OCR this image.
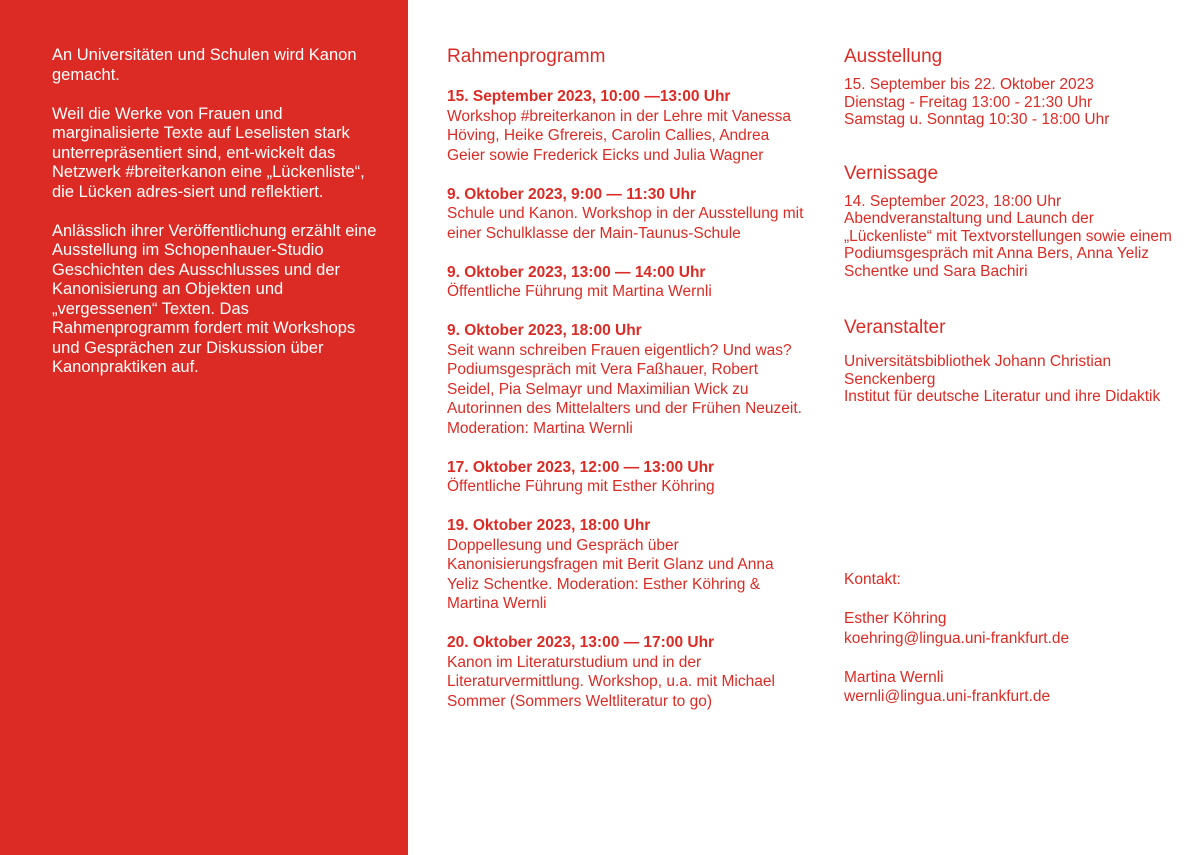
An Universitäten und Schulen wird Kanon gemacht.

Weil die Werke von Frauen und marginalisierte Texte auf Leselisten stark unterrepräsentiert sind, ent-wickelt das Netzwerk #breiterkanon eine „Lückenliste“, die Lücken adres-siert und reflektiert.

Anlässlich ihrer Veröffentlichung erzählt eine Ausstellung im Schopenhauer-Studio Geschichten des Ausschlusses und der Kanonisierung an Objekten und „vergessenen“ Texten. Das Rahmenprogramm fordert mit Workshops und Gesprächen zur Diskussion über Kanonpraktiken auf.

Rahmenprogramm
15. September 2023, 10:00 —13:00 Uhr
Workshop #breiterkanon in der Lehre mit Vanessa Höving, Heike Gfrereis, Carolin Callies, Andrea Geier sowie Frederick Eicks und Julia Wagner
9. Oktober 2023, 9:00 — 11:30 Uhr
Schule und Kanon. Workshop in der Ausstellung mit einer Schulklasse der Main-Taunus-Schule
9. Oktober 2023, 13:00 — 14:00 Uhr
Öffentliche Führung mit Martina Wernli
9. Oktober 2023, 18:00 Uhr
Seit wann schreiben Frauen eigentlich? Und was? Podiumsgespräch mit Vera Faßhauer, Robert Seidel, Pia Selmayr und Maximilian Wick zu Autorinnen des Mittelalters und der Frühen Neuzeit. Moderation: Martina Wernli
17. Oktober 2023, 12:00 — 13:00 Uhr
Öffentliche Führung mit Esther Köhring
19. Oktober 2023, 18:00 Uhr
Doppellesung und Gespräch über Kanonisierungsfragen mit Berit Glanz und Anna Yeliz Schentke. Moderation: Esther Köhring & Martina Wernli
20. Oktober 2023, 13:00 — 17:00 Uhr
Kanon im Literaturstudium und in der Literaturvermittlung. Workshop, u.a. mit Michael Sommer (Sommers Weltliteratur to go)
Ausstellung
15. September bis 22. Oktober 2023
Dienstag - Freitag 13:00 - 21:30 Uhr
Samstag u. Sonntag 10:30 - 18:00 Uhr
Vernissage
14. September 2023, 18:00 Uhr
Abendveranstaltung und Launch der „Lückenliste“ mit Textvorstellungen sowie einem Podiumsgespräch mit Anna Bers, Anna Yeliz Schentke und Sara Bachiri
Veranstalter
Universitätsbibliothek Johann Christian Senckenberg
Institut für deutsche Literatur und ihre Didaktik
Kontakt:
Esther Köhring
koehring@lingua.uni-frankfurt.de
Martina Wernli
wernli@lingua.uni-frankfurt.de
